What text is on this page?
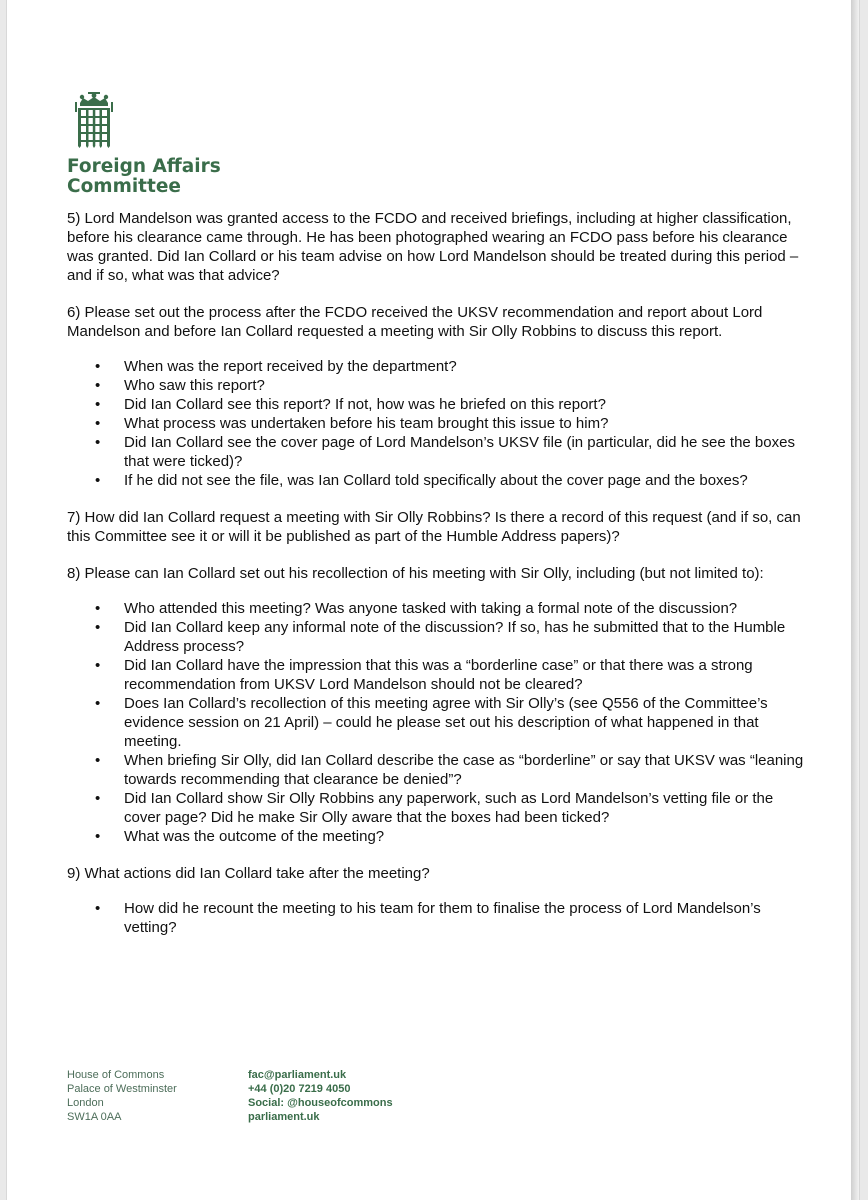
Foreign Affairs
Committee

5) Lord Mandelson was granted access to the FCDO and received briefings, including at higher classification, before his clearance came through. He has been photographed wearing an FCDO pass before his clearance was granted. Did Ian Collard or his team advise on how Lord Mandelson should be treated during this period – and if so, what was that advice?

6) Please set out the process after the FCDO received the UKSV recommendation and report about Lord Mandelson and before Ian Collard requested a meeting with Sir Olly Robbins to discuss this report.

• When was the report received by the department?
• Who saw this report?
• Did Ian Collard see this report? If not, how was he briefed on this report?
• What process was undertaken before his team brought this issue to him?
• Did Ian Collard see the cover page of Lord Mandelson’s UKSV file (in particular, did he see the boxes that were ticked)?
• If he did not see the file, was Ian Collard told specifically about the cover page and the boxes?

7) How did Ian Collard request a meeting with Sir Olly Robbins? Is there a record of this request (and if so, can this Committee see it or will it be published as part of the Humble Address papers)?

8) Please can Ian Collard set out his recollection of his meeting with Sir Olly, including (but not limited to):

• Who attended this meeting? Was anyone tasked with taking a formal note of the discussion?
• Did Ian Collard keep any informal note of the discussion? If so, has he submitted that to the Humble Address process?
• Did Ian Collard have the impression that this was a “borderline case” or that there was a strong recommendation from UKSV Lord Mandelson should not be cleared?
• Does Ian Collard’s recollection of this meeting agree with Sir Olly’s (see Q556 of the Committee’s evidence session on 21 April) – could he please set out his description of what happened in that meeting.
• When briefing Sir Olly, did Ian Collard describe the case as “borderline” or say that UKSV was “leaning towards recommending that clearance be denied”?
• Did Ian Collard show Sir Olly Robbins any paperwork, such as Lord Mandelson’s vetting file or the cover page? Did he make Sir Olly aware that the boxes had been ticked?
• What was the outcome of the meeting?

9) What actions did Ian Collard take after the meeting?

• How did he recount the meeting to his team for them to finalise the process of Lord Mandelson’s vetting?
House of Commons
Palace of Westminster
London
SW1A 0AA
fac@parliament.uk
+44 (0)20 7219 4050
Social: @houseofcommons
parliament.uk
